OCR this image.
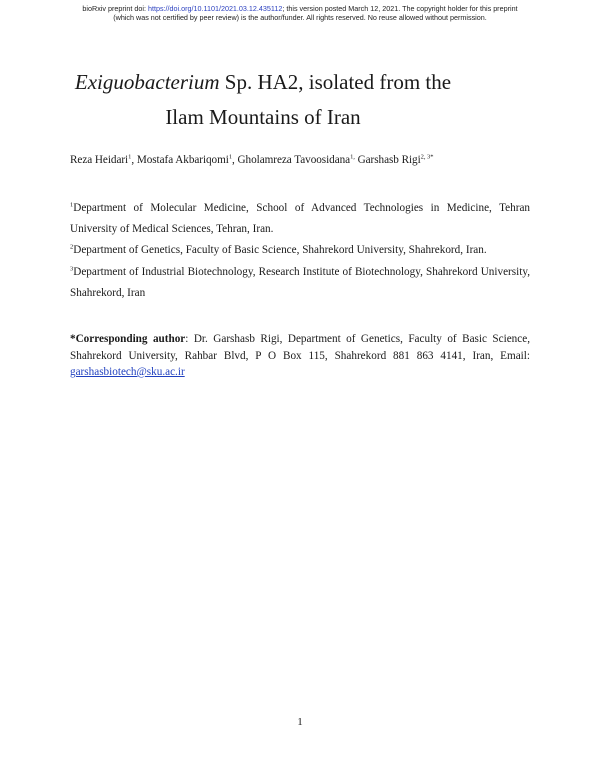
bioRxiv preprint doi: https://doi.org/10.1101/2021.03.12.435112; this version posted March 12, 2021. The copyright holder for this preprint
(which was not certified by peer review) is the author/funder. All rights reserved. No reuse allowed without permission.
Exiguobacterium Sp. HA2, isolated from the
Ilam Mountains of Iran
Reza Heidari$^1$, Mostafa Akbariqomi$^1$, Gholamreza Tavoosidana$^{1,}$ Garshasb Rigi$^{2, 3*}$
$^1$Department of Molecular Medicine, School of Advanced Technologies in Medicine, Tehran University of Medical Sciences, Tehran, Iran.
$^2$Department of Genetics, Faculty of Basic Science, Shahrekord University, Shahrekord, Iran.
$^3$Department of Industrial Biotechnology, Research Institute of Biotechnology, Shahrekord University, Shahrekord, Iran
*Corresponding author: Dr. Garshasb Rigi, Department of Genetics, Faculty of Basic Science, Shahrekord University, Rahbar Blvd, P O Box 115, Shahrekord 881 863 4141, Iran, Email: garshasbiotech@sku.ac.ir
1
